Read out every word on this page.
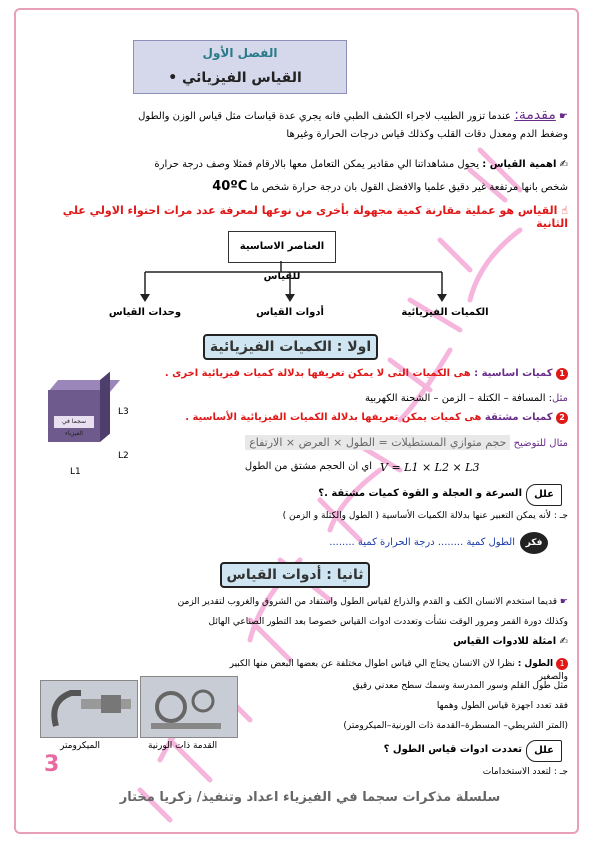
الفصل الأول
القياس الفيزيائي •
☛ مقدمة: عندما تزور الطبيب لاجراء الكشف الطبي فانه يجري عدة قياسات مثل قياس الوزن والطول
وضغط الدم ومعدل دقات القلب وكذلك قياس درجات الحرارة وغيرها
✍ اهمية القياس : يحول مشاهداتنا الي مقادير يمكن التعامل معها بالارقام فمثلا وصف درجة حرارة
شخص بانها مرتفعة غير دقيق علميا والافضل القول بان درجة حرارة شخص ما 40ºC
☝ القياس هو عملية مقارنة كمية مجهولة بأخرى من نوعها لمعرفة عدد مرات احتواء الاولي علي الثانية
العناصر الاساسية للقياس
الكميات الفيزيائية
أدوات القياس
وحدات القياس
اولا : الكميات الفيزيائية
1 كميات اساسية : هى الكميات التى لا يمكن تعريفها بدلالة كميات فيزيائية اخرى .
مثل: المسافة – الكتلة – الزمن – الشحنة الكهربية
2 كميات مشتقة هى كميات يمكن تعريفها بدلالة الكميات الفيزيائية الأساسية .
سجما في الفيزياء
L1
L2
L3
مثال للتوضيح حجم متوازي المستطيلات = الطول × العرض × الارتفاع
V = L1 × L2 × L3
اي ان الحجم مشتق من الطول
علل
السرعة و العجلة و القوة كميات مشتقة .؟
جـ : لأنه يمكن التعبير عنها بدلالة الكميات الأساسية ( الطول والكتلة و الزمن )
فكر
الطول كمية ........ درجة الحرارة كمية ........
ثانيا : أدوات القياس
☛ قديما استخدم الانسان الكف و القدم والذراع لقياس الطول واستفاد من الشروق والغروب لتقدير الزمن
وكذلك دورة القمر ومرور الوقت نشأت وتعددت ادوات القياس خصوصا بعد التطور الصناعي الهائل
✍ امثلة للادوات القياس
1 الطول : نظرا لان الانسان يحتاج الي قياس اطوال مختلفة عن بعضها البعض منها الكبير والصغير
مثل طول القلم وسور المدرسة وسمك سطح معدني رقيق
فقد تعدد اجهزة قياس الطول وهمها
(المتر الشريطي– المسطرة–القدمة ذات الورنية–الميكرومتر)
الميكرومتر	القدمة ذات الورنية
3
علل
تعددت ادوات قياس الطول ؟
جـ : لتعدد الاستخدامات
سلسلة مذكرات سجما في الفيزياء اعداد وتنفيذ/ زكريا مختار
